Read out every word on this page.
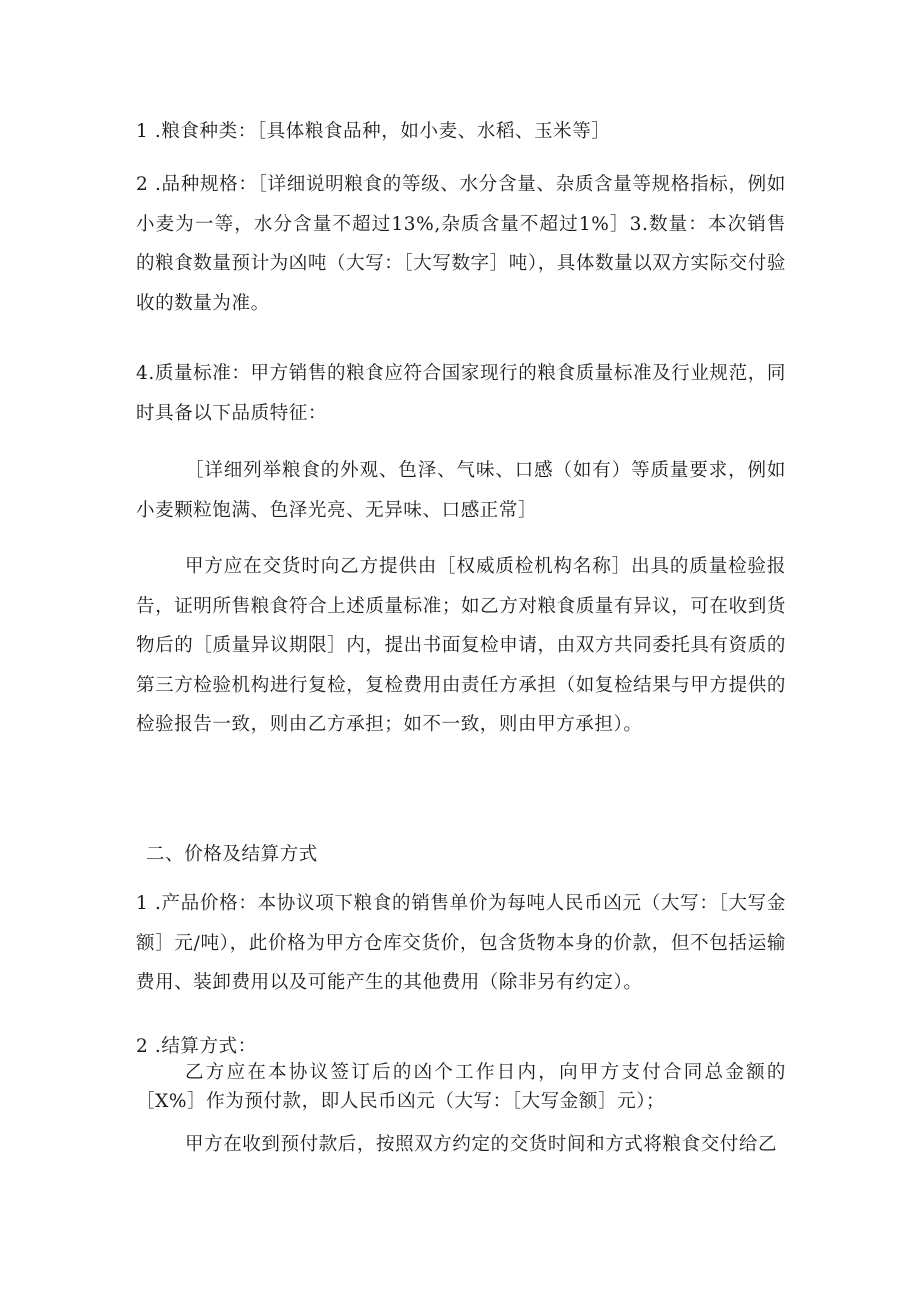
1 .粮食种类：［具体粮食品种，如小麦、水稻、玉米等］

2 .品种规格：［详细说明粮食的等级、水分含量、杂质含量等规格指标，例如小麦为一等，水分含量不超过13%,杂质含量不超过1%］3.数量：本次销售的粮食数量预计为凶吨（大写：［大写数字］吨），具体数量以双方实际交付验收的数量为准。

4.质量标准：甲方销售的粮食应符合国家现行的粮食质量标准及行业规范，同时具备以下品质特征：

［详细列举粮食的外观、色泽、气味、口感（如有）等质量要求，例如小麦颗粒饱满、色泽光亮、无异味、口感正常］

甲方应在交货时向乙方提供由［权威质检机构名称］出具的质量检验报告，证明所售粮食符合上述质量标准；如乙方对粮食质量有异议，可在收到货物后的［质量异议期限］内，提出书面复检申请，由双方共同委托具有资质的第三方检验机构进行复检，复检费用由责任方承担（如复检结果与甲方提供的检验报告一致，则由乙方承担；如不一致，则由甲方承担）。

二、价格及结算方式

1 .产品价格：本协议项下粮食的销售单价为每吨人民币凶元（大写：［大写金额］元/吨），此价格为甲方仓库交货价，包含货物本身的价款，但不包括运输费用、装卸费用以及可能产生的其他费用（除非另有约定）。

2 .结算方式：

乙方应在本协议签订后的凶个工作日内，向甲方支付合同总金额的［X%］作为预付款，即人民币凶元（大写：［大写金额］元）；

甲方在收到预付款后，按照双方约定的交货时间和方式将粮食交付给乙
